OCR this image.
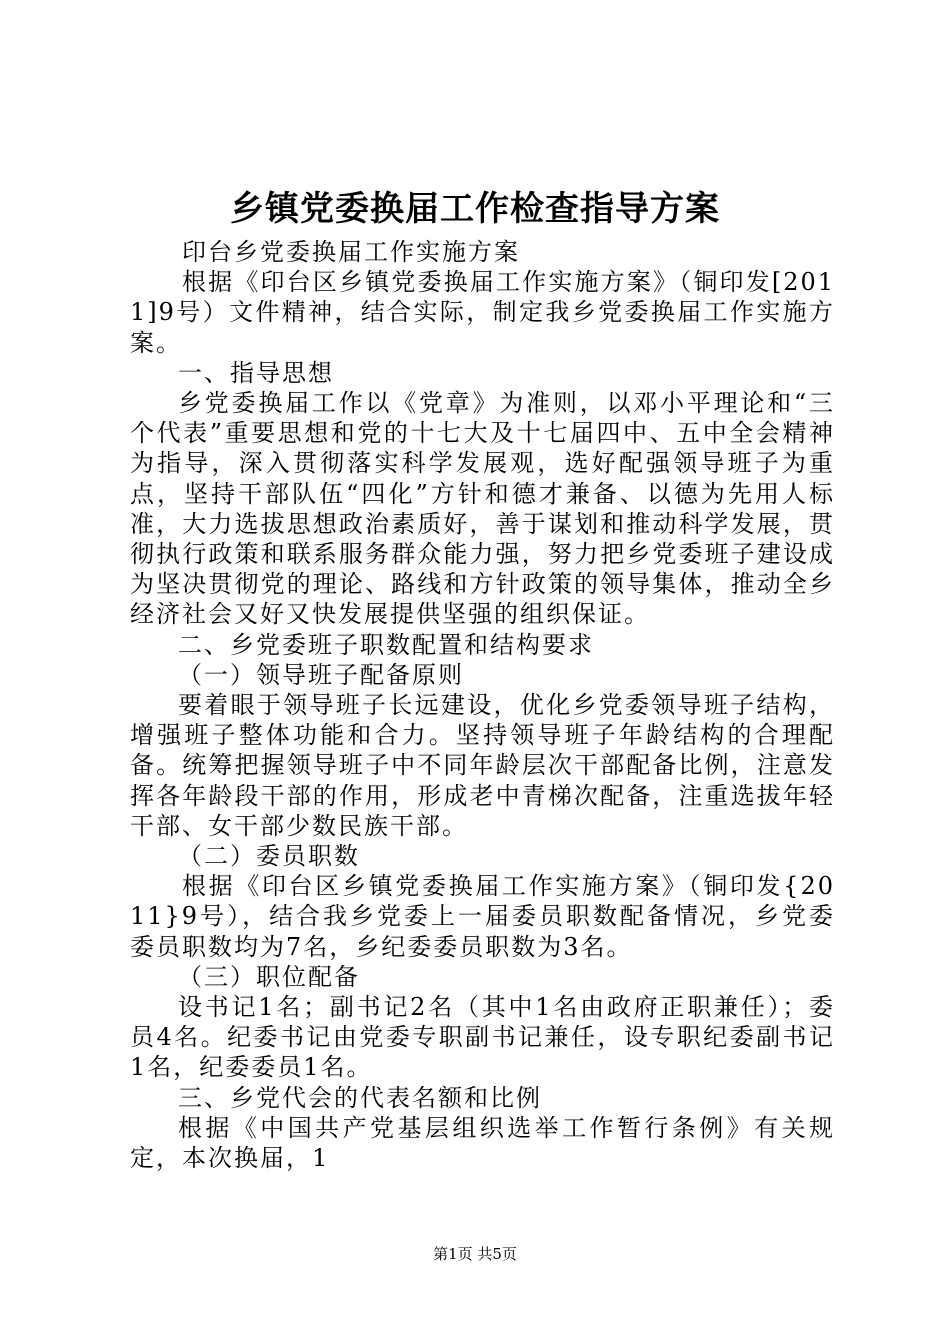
乡镇党委换届工作检查指导方案

印台乡党委换届工作实施方案

根据《印台区乡镇党委换届工作实施方案》（铜印发[2011]9号）文件精神，结合实际，制定我乡党委换届工作实施方案。

一、指导思想

乡党委换届工作以《党章》为准则，以邓小平理论和“三个代表”重要思想和党的十七大及十七届四中、五中全会精神为指导，深入贯彻落实科学发展观，选好配强领导班子为重点，坚持干部队伍“四化”方针和德才兼备、以德为先用人标准，大力选拔思想政治素质好，善于谋划和推动科学发展，贯彻执行政策和联系服务群众能力强，努力把乡党委班子建设成为坚决贯彻党的理论、路线和方针政策的领导集体，推动全乡经济社会又好又快发展提供坚强的组织保证。

二、乡党委班子职数配置和结构要求

（一）领导班子配备原则

要着眼于领导班子长远建设，优化乡党委领导班子结构，增强班子整体功能和合力。坚持领导班子年龄结构的合理配备。统筹把握领导班子中不同年龄层次干部配备比例，注意发挥各年龄段干部的作用，形成老中青梯次配备，注重选拔年轻干部、女干部少数民族干部。

（二）委员职数

根据《印台区乡镇党委换届工作实施方案》（铜印发{2011}9号），结合我乡党委上一届委员职数配备情况，乡党委委员职数均为7名，乡纪委委员职数为3名。

（三）职位配备

设书记1名；副书记2名（其中1名由政府正职兼任）；委员4名。纪委书记由党委专职副书记兼任，设专职纪委副书记1名，纪委委员1名。

三、乡党代会的代表名额和比例

根据《中国共产党基层组织选举工作暂行条例》有关规定，本次换届，1

第1页 共5页
